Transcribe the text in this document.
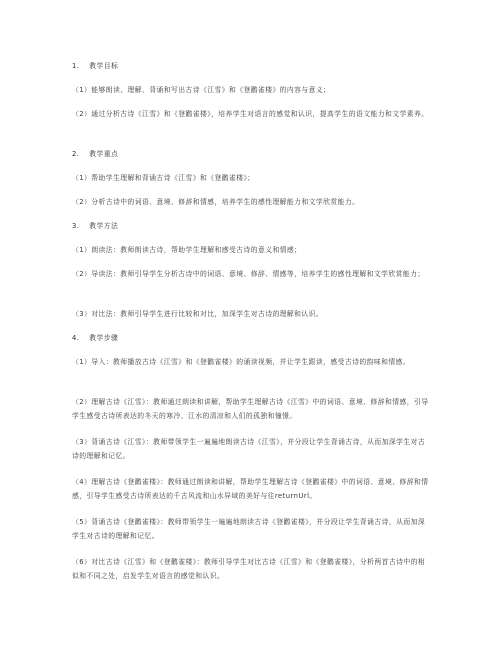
1.　 教学目标
（1）能够朗读、理解、背诵和写出古诗《江雪》和《登鹳雀楼》的内容与意义；
（2）通过分析古诗《江雪》和《登鹳雀楼》，培养学生对语言的感觉和认识，提高学生的语文能力和文学素养。
2.　 教学重点
（1）帮助学生理解和背诵古诗《江雪》和《登鹳雀楼》；
（2）分析古诗中的词语、意境、修辞和情感，培养学生的感性理解能力和文学欣赏能力。
3.　 教学方法
（1）朗读法：教师朗读古诗，帮助学生理解和感受古诗的意义和情感；
（2）导读法：教师引导学生分析古诗中的词语、意境、修辞、情感等，培养学生的感性理解和文学欣赏能力；
（3）对比法：教师引导学生进行比较和对比，加深学生对古诗的理解和认识。
4.　 教学步骤
（1）导入：教师播放古诗《江雪》和《登鹳雀楼》的诵读视频，并让学生跟读，感受古诗的韵味和情感。
（2）理解古诗《江雪》：教师通过朗读和讲解，帮助学生理解古诗《江雪》中的词语、意境、修辞和情感，引导学生感受古诗所表达的冬天的寒冷、江水的清凉和人们的孤独和憧憬。
（3）背诵古诗《江雪》：教师带领学生一遍遍地朗读古诗《江雪》，并分段让学生背诵古诗，从而加深学生对古诗的理解和记忆。
（4）理解古诗《登鹳雀楼》：教师通过朗读和讲解，帮助学生理解古诗《登鹳雀楼》中的词语、意境、修辞和情感，引导学生感受古诗所表达的千古风流和山水异域的美好与往returnUrl。
（5）背诵古诗《登鹳雀楼》：教师带领学生一遍遍地朗读古诗《登鹳雀楼》，并分段让学生背诵古诗，从而加深学生对古诗的理解和记忆。
（6）对比古诗《江雪》和《登鹳雀楼》：教师引导学生对比古诗《江雪》和《登鹳雀楼》，分析两首古诗中的相似和不同之处，启发学生对语言的感觉和认识。
